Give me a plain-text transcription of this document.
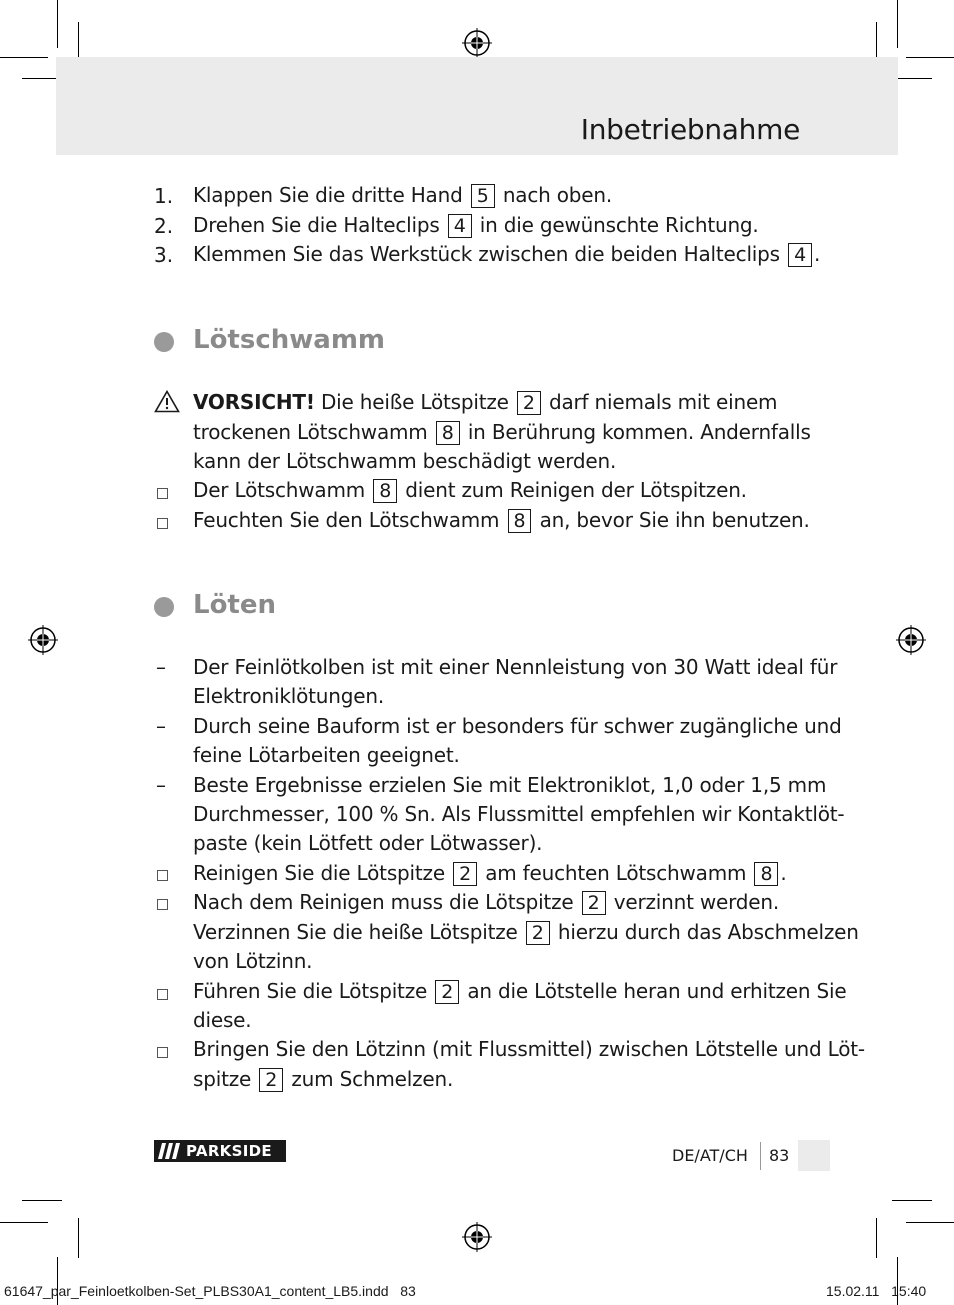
Inbetriebnahme
1. Klappen Sie die dritte Hand 5 nach oben.
2. Drehen Sie die Halteclips 4 in die gewünschte Richtung.
3. Klemmen Sie das Werkstück zwischen die beiden Halteclips 4 .
Lötschwamm
VORSICHT! Die heiße Lötspitze 2 darf niemals mit einem
trockenen Lötschwamm 8 in Berührung kommen. Andernfalls
kann der Lötschwamm beschädigt werden.
Der Lötschwamm 8 dient zum Reinigen der Lötspitzen.
Feuchten Sie den Lötschwamm 8 an, bevor Sie ihn benutzen.
Löten
– Der Feinlötkolben ist mit einer Nennleistung von 30 Watt ideal für
Elektroniklötungen.
– Durch seine Bauform ist er besonders für schwer zugängliche und
feine Lötarbeiten geeignet.
– Beste Ergebnisse erzielen Sie mit Elektroniklot, 1,0 oder 1,5 mm
Durchmesser, 100 % Sn. Als Flussmittel empfehlen wir Kontaktlöt-
paste (kein Lötfett oder Lötwasser).
Reinigen Sie die Lötspitze 2 am feuchten Lötschwamm 8 .
Nach dem Reinigen muss die Lötspitze 2 verzinnt werden.
Verzinnen Sie die heiße Lötspitze 2 hierzu durch das Abschmelzen
von Lötzinn.
Führen Sie die Lötspitze 2 an die Lötstelle heran und erhitzen Sie
diese.
Bringen Sie den Lötzinn (mit Flussmittel) zwischen Lötstelle und Löt-
spitze 2 zum Schmelzen.
PARKSIDE	DE/AT/CH 83
61647_par_Feinloetkolben-Set_PLBS30A1_content_LB5.indd 83	15.02.11 15:40
